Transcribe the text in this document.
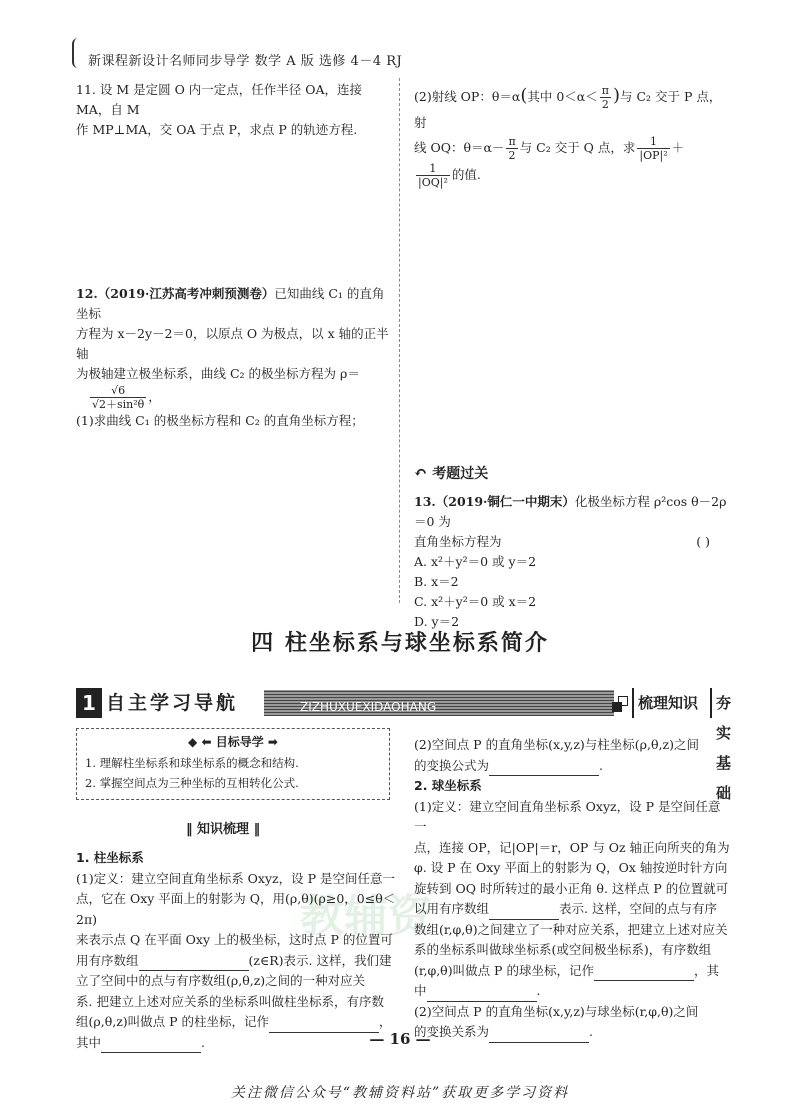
新课程新设计名师同步导学 数学 A 版 选修 4－4 RJ
教辅资
11. 设 M 是定圆 O 内一定点，任作半径 OA，连接 MA，自 M
作 MP⊥MA，交 OA 于点 P，求点 P 的轨迹方程.
12.（2019·江苏高考冲刺预测卷）已知曲线 C₁ 的直角坐标
方程为 x－2y－2＝0，以原点 O 为极点，以 x 轴的正半轴
为极轴建立极坐标系，曲线 C₂ 的极坐标方程为 ρ＝
$\frac{√6}{\text{√2＋sin²θ}}$ ，
(1)求曲线 C₁ 的极坐标方程和 C₂ 的直角坐标方程；
(2)射线 OP：θ＝α(其中 $0<\alpha< \frac{\pi}{2}$ )与 C₂ 交于 P 点，射
线 OQ：$\theta=\alpha- \frac{\pi}{2}$ 与 C₂ 交于 Q 点，求 $\frac{1}{\text{|OP|²}}$ ＋
$\frac{1}{\text{|OQ|²}}$ 的值.
↶ 考题过关
13.（2019·铜仁一中期末）化极坐标方程 ρ²cos θ－2ρ＝0 为
直角坐标方程为	( )
A. x²＋y²＝0 或 y＝2
B. x＝2
C. x²＋y²＝0 或 x＝2
D. y＝2
四 柱坐标系与球坐标系简介
1 自主学习导航	ZIZHUXUEXIDAOHANG	梳理知识	夯实基础
◆ ⬅ 目标导学 ➡
1. 理解柱坐标系和球坐标系的概念和结构.
2. 掌握空间点为三种坐标的互相转化公式.
‖ 知识梳理 ‖
1. 柱坐标系
(1)定义：建立空间直角坐标系 Oxyz，设 P 是空间任意一
点，它在 Oxy 平面上的射影为 Q，用(ρ,θ)(ρ≥0，0≤θ＜2π)
来表示点 Q 在平面 Oxy 上的极坐标，这时点 P 的位置可
用有序数组	(z∈R)表示. 这样，我们建
立了空间中的点与有序数组(ρ,θ,z)之间的一种对应关
系. 把建立上述对应关系的坐标系叫做柱坐标系，有序数
组(ρ,θ,z)叫做点 P 的柱坐标，记作	，
其中	.
(2)空间点 P 的直角坐标(x,y,z)与柱坐标(ρ,θ,z)之间
的变换公式为	.
2. 球坐标系
(1)定义：建立空间直角坐标系 Oxyz，设 P 是空间任意一
点，连接 OP，记|OP|＝r，OP 与 Oz 轴正向所夹的角为
φ. 设 P 在 Oxy 平面上的射影为 Q，Ox 轴按逆时针方向
旋转到 OQ 时所转过的最小正角 θ. 这样点 P 的位置就可
以用有序数组	表示. 这样，空间的点与有序
数组(r,φ,θ)之间建立了一种对应关系，把建立上述对应关
系的坐标系叫做球坐标系(或空间极坐标系)，有序数组
(r,φ,θ)叫做点 P 的球坐标，记作	，其
中	.
(2)空间点 P 的直角坐标(x,y,z)与球坐标(r,φ,θ)之间
的变换关系为	.
— 16 —
关注微信公众号“教辅资料站”获取更多学习资料
